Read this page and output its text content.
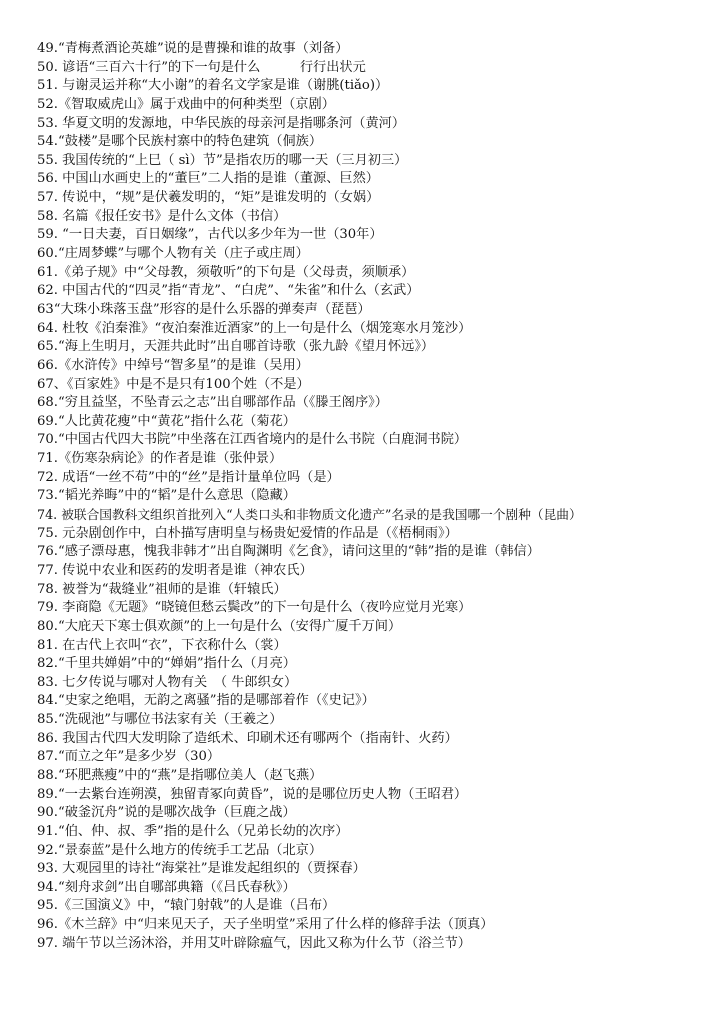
49.“青梅煮酒论英雄”说的是曹操和谁的故事（刘备）
50. 谚语“三百六十行”的下一句是什么　　　行行出状元
51. 与谢灵运并称“大小谢”的着名文学家是谁（谢朓(tiǎo)）
52.《智取威虎山》属于戏曲中的何种类型（京剧）
53. 华夏文明的发源地，中华民族的母亲河是指哪条河（黄河）
54.“鼓楼”是哪个民族村寨中的特色建筑（侗族）
55. 我国传统的“上巳（ sì）节”是指农历的哪一天（三月初三）
56. 中国山水画史上的“董巨”二人指的是谁（董源、巨然）
57. 传说中，“规”是伏羲发明的，“矩”是谁发明的（女娲）
58. 名篇《报任安书》是什么文体（书信）
59. “一日夫妻，百日姻缘”，古代以多少年为一世（30年）
60.“庄周梦蝶”与哪个人物有关（庄子或庄周）
61.《弟子规》中“父母教，须敬听”的下句是（父母责，须顺承）
62. 中国古代的“四灵”指“青龙”、“白虎”、“朱雀”和什么（玄武）
63“大珠小珠落玉盘”形容的是什么乐器的弹奏声（琵琶）
64. 杜牧《泊秦淮》“夜泊秦淮近酒家”的上一句是什么（烟笼寒水月笼沙）
65.“海上生明月，天涯共此时”出自哪首诗歌（张九龄《望月怀远》）
66.《水浒传》中绰号“智多星”的是谁（吴用）
67、《百家姓》中是不是只有100个姓（不是）
68.“穷且益坚，不坠青云之志”出自哪部作品（《滕王阁序》）
69.“人比黄花瘦”中“黄花”指什么花（菊花）
70.“中国古代四大书院”中坐落在江西省境内的是什么书院（白鹿洞书院）
71.《伤寒杂病论》的作者是谁（张仲景）
72. 成语“一丝不苟”中的“丝”是指计量单位吗（是）
73.“韬光养晦”中的“韬”是什么意思（隐藏）
74. 被联合国教科文组织首批列入“人类口头和非物质文化遗产”名录的是我国哪一个剧种（昆曲）
75. 元杂剧创作中，白朴描写唐明皇与杨贵妃爱情的作品是（《梧桐雨》）
76.“感子漂母惠，愧我非韩才”出自陶渊明《乞食》，请问这里的“韩”指的是谁（韩信）
77. 传说中农业和医药的发明者是谁（神农氏）
78. 被誉为“裁缝业”祖师的是谁（轩辕氏）
79. 李商隐《无题》“晓镜但愁云鬓改”的下一句是什么（夜吟应觉月光寒）
80.“大庇天下寒士俱欢颜”的上一句是什么（安得广厦千万间）
81. 在古代上衣叫“衣”，下衣称什么（裳）
82.“千里共婵娟”中的“婵娟”指什么（月亮）
83. 七夕传说与哪对人物有关　（ 牛郎织女）
84.“史家之绝唱，无韵之离骚”指的是哪部着作（《史记》）
85.“洗砚池”与哪位书法家有关（王羲之）
86. 我国古代四大发明除了造纸术、印刷术还有哪两个（指南针、火药）
87.“而立之年”是多少岁（30）
88.“环肥燕瘦”中的“燕”是指哪位美人（赵飞燕）
89.“一去紫台连朔漠，独留青冢向黄昏”，说的是哪位历史人物（王昭君）
90.“破釜沉舟”说的是哪次战争（巨鹿之战）
91.“伯、仲、叔、季”指的是什么（兄弟长幼的次序）
92.“景泰蓝”是什么地方的传统手工艺品（北京）
93. 大观园里的诗社“海棠社”是谁发起组织的（贾探春）
94.“刻舟求剑”出自哪部典籍（《吕氏春秋》）
95.《三国演义》中，“辕门射戟”的人是谁（吕布）
96.《木兰辞》中“归来见天子，天子坐明堂”采用了什么样的修辞手法（顶真）
97. 端午节以兰汤沐浴，并用艾叶辟除瘟气，因此又称为什么节（浴兰节）
